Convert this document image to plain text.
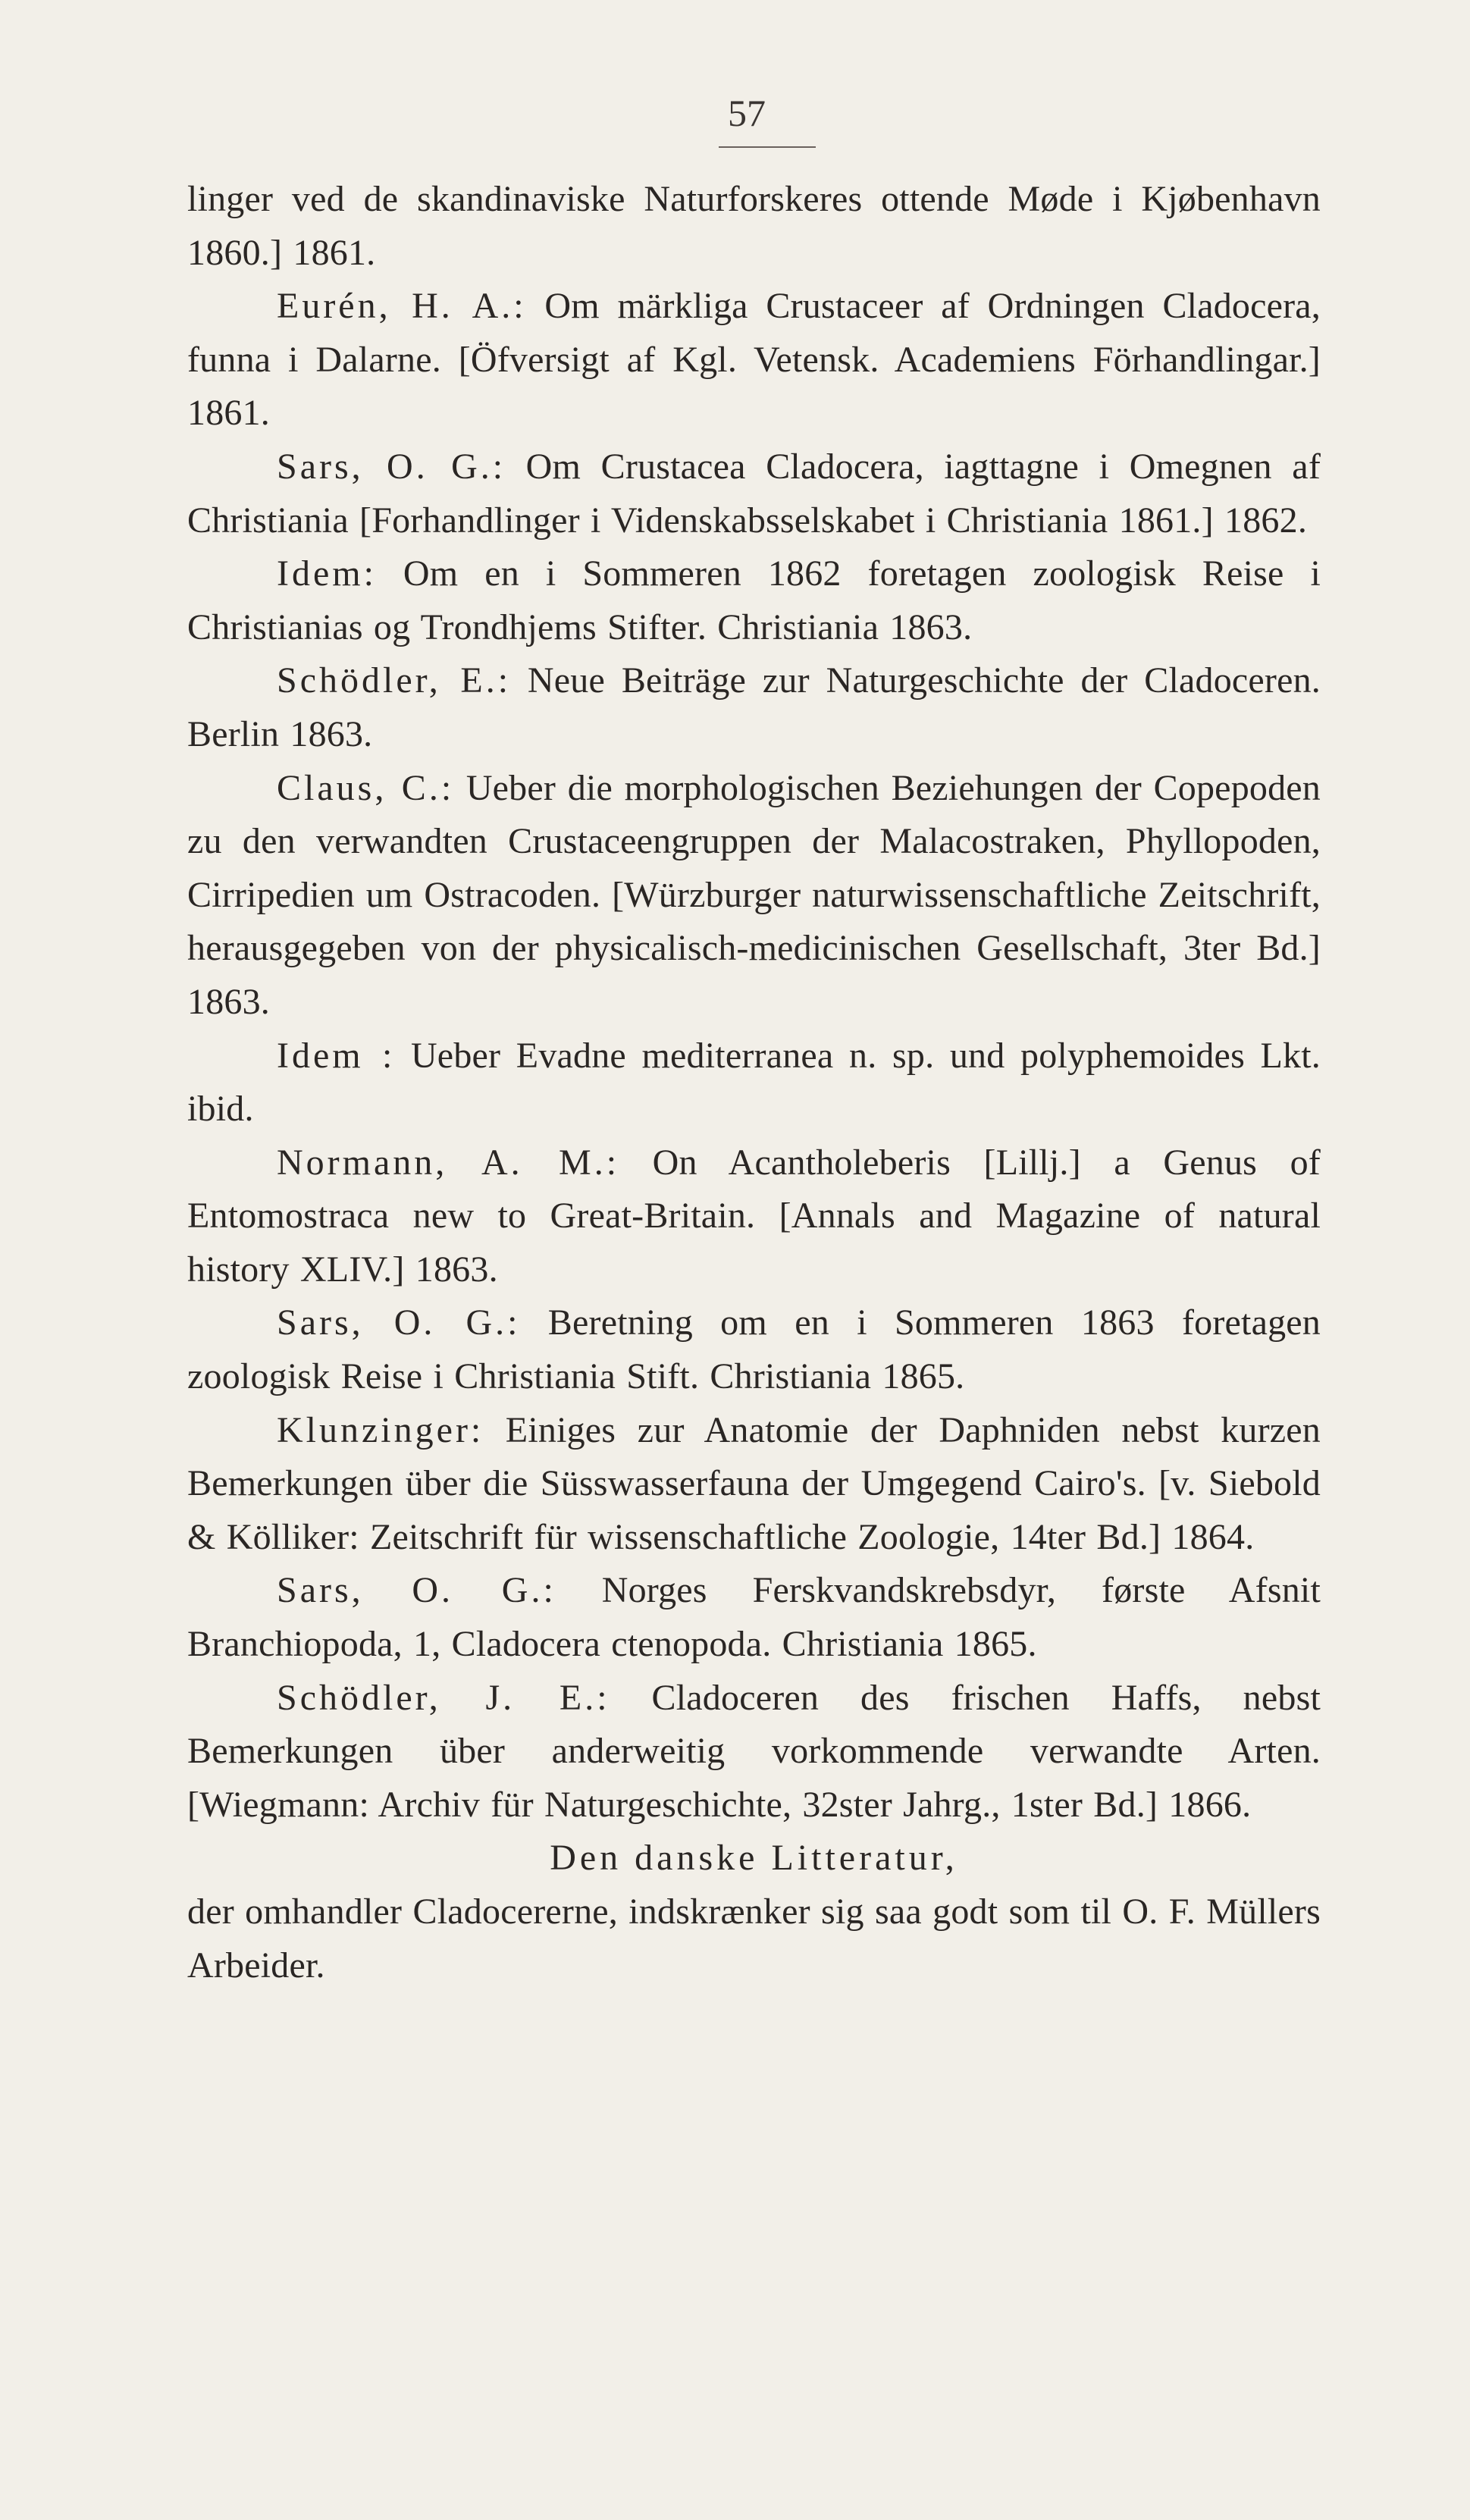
57

linger ved de skandinaviske Naturforskeres ottende Møde i Kjøbenhavn 1860.] 1861.

Eurén, H. A.: Om märkliga Crustaceer af Ordningen Cladocera, funna i Dalarne. [Öfversigt af Kgl. Vetensk. Academiens Förhandlingar.] 1861.

Sars, O. G.: Om Crustacea Cladocera, iagttagne i Omegnen af Christiania [Forhandlinger i Videnskabsselskabet i Christiania 1861.] 1862.

Idem: Om en i Sommeren 1862 foretagen zoologisk Reise i Christianias og Trondhjems Stifter. Christiania 1863.

Schödler, E.: Neue Beiträge zur Naturgeschichte der Cladoceren. Berlin 1863.

Claus, C.: Ueber die morphologischen Beziehungen der Copepoden zu den verwandten Crustaceengruppen der Malacostraken, Phyllopoden, Cirripedien um Ostracoden. [Würzburger naturwissenschaftliche Zeitschrift, herausgegeben von der physicalisch-medicinischen Gesellschaft, 3ter Bd.] 1863.

Idem : Ueber Evadne mediterranea n. sp. und polyphemoides Lkt. ibid.

Normann, A. M.: On Acantholeberis [Lillj.] a Genus of Entomostraca new to Great-Britain. [Annals and Magazine of natural history XLIV.] 1863.

Sars, O. G.: Beretning om en i Sommeren 1863 foretagen zoologisk Reise i Christiania Stift. Christiania 1865.

Klunzinger: Einiges zur Anatomie der Daphniden nebst kurzen Bemerkungen über die Süsswasserfauna der Umgegend Cairo's. [v. Siebold & Kölliker: Zeitschrift für wissenschaftliche Zoologie, 14ter Bd.] 1864.

Sars, O. G.: Norges Ferskvandskrebsdyr, første Afsnit Branchiopoda, 1, Cladocera ctenopoda. Christiania 1865.

Schödler, J. E.: Cladoceren des frischen Haffs, nebst Bemerkungen über anderweitig vorkommende verwandte Arten. [Wiegmann: Archiv für Naturgeschichte, 32ster Jahrg., 1ster Bd.] 1866.

Den danske Litteratur,

der omhandler Cladocererne, indskrænker sig saa godt som til O. F. Müllers Arbeider.
